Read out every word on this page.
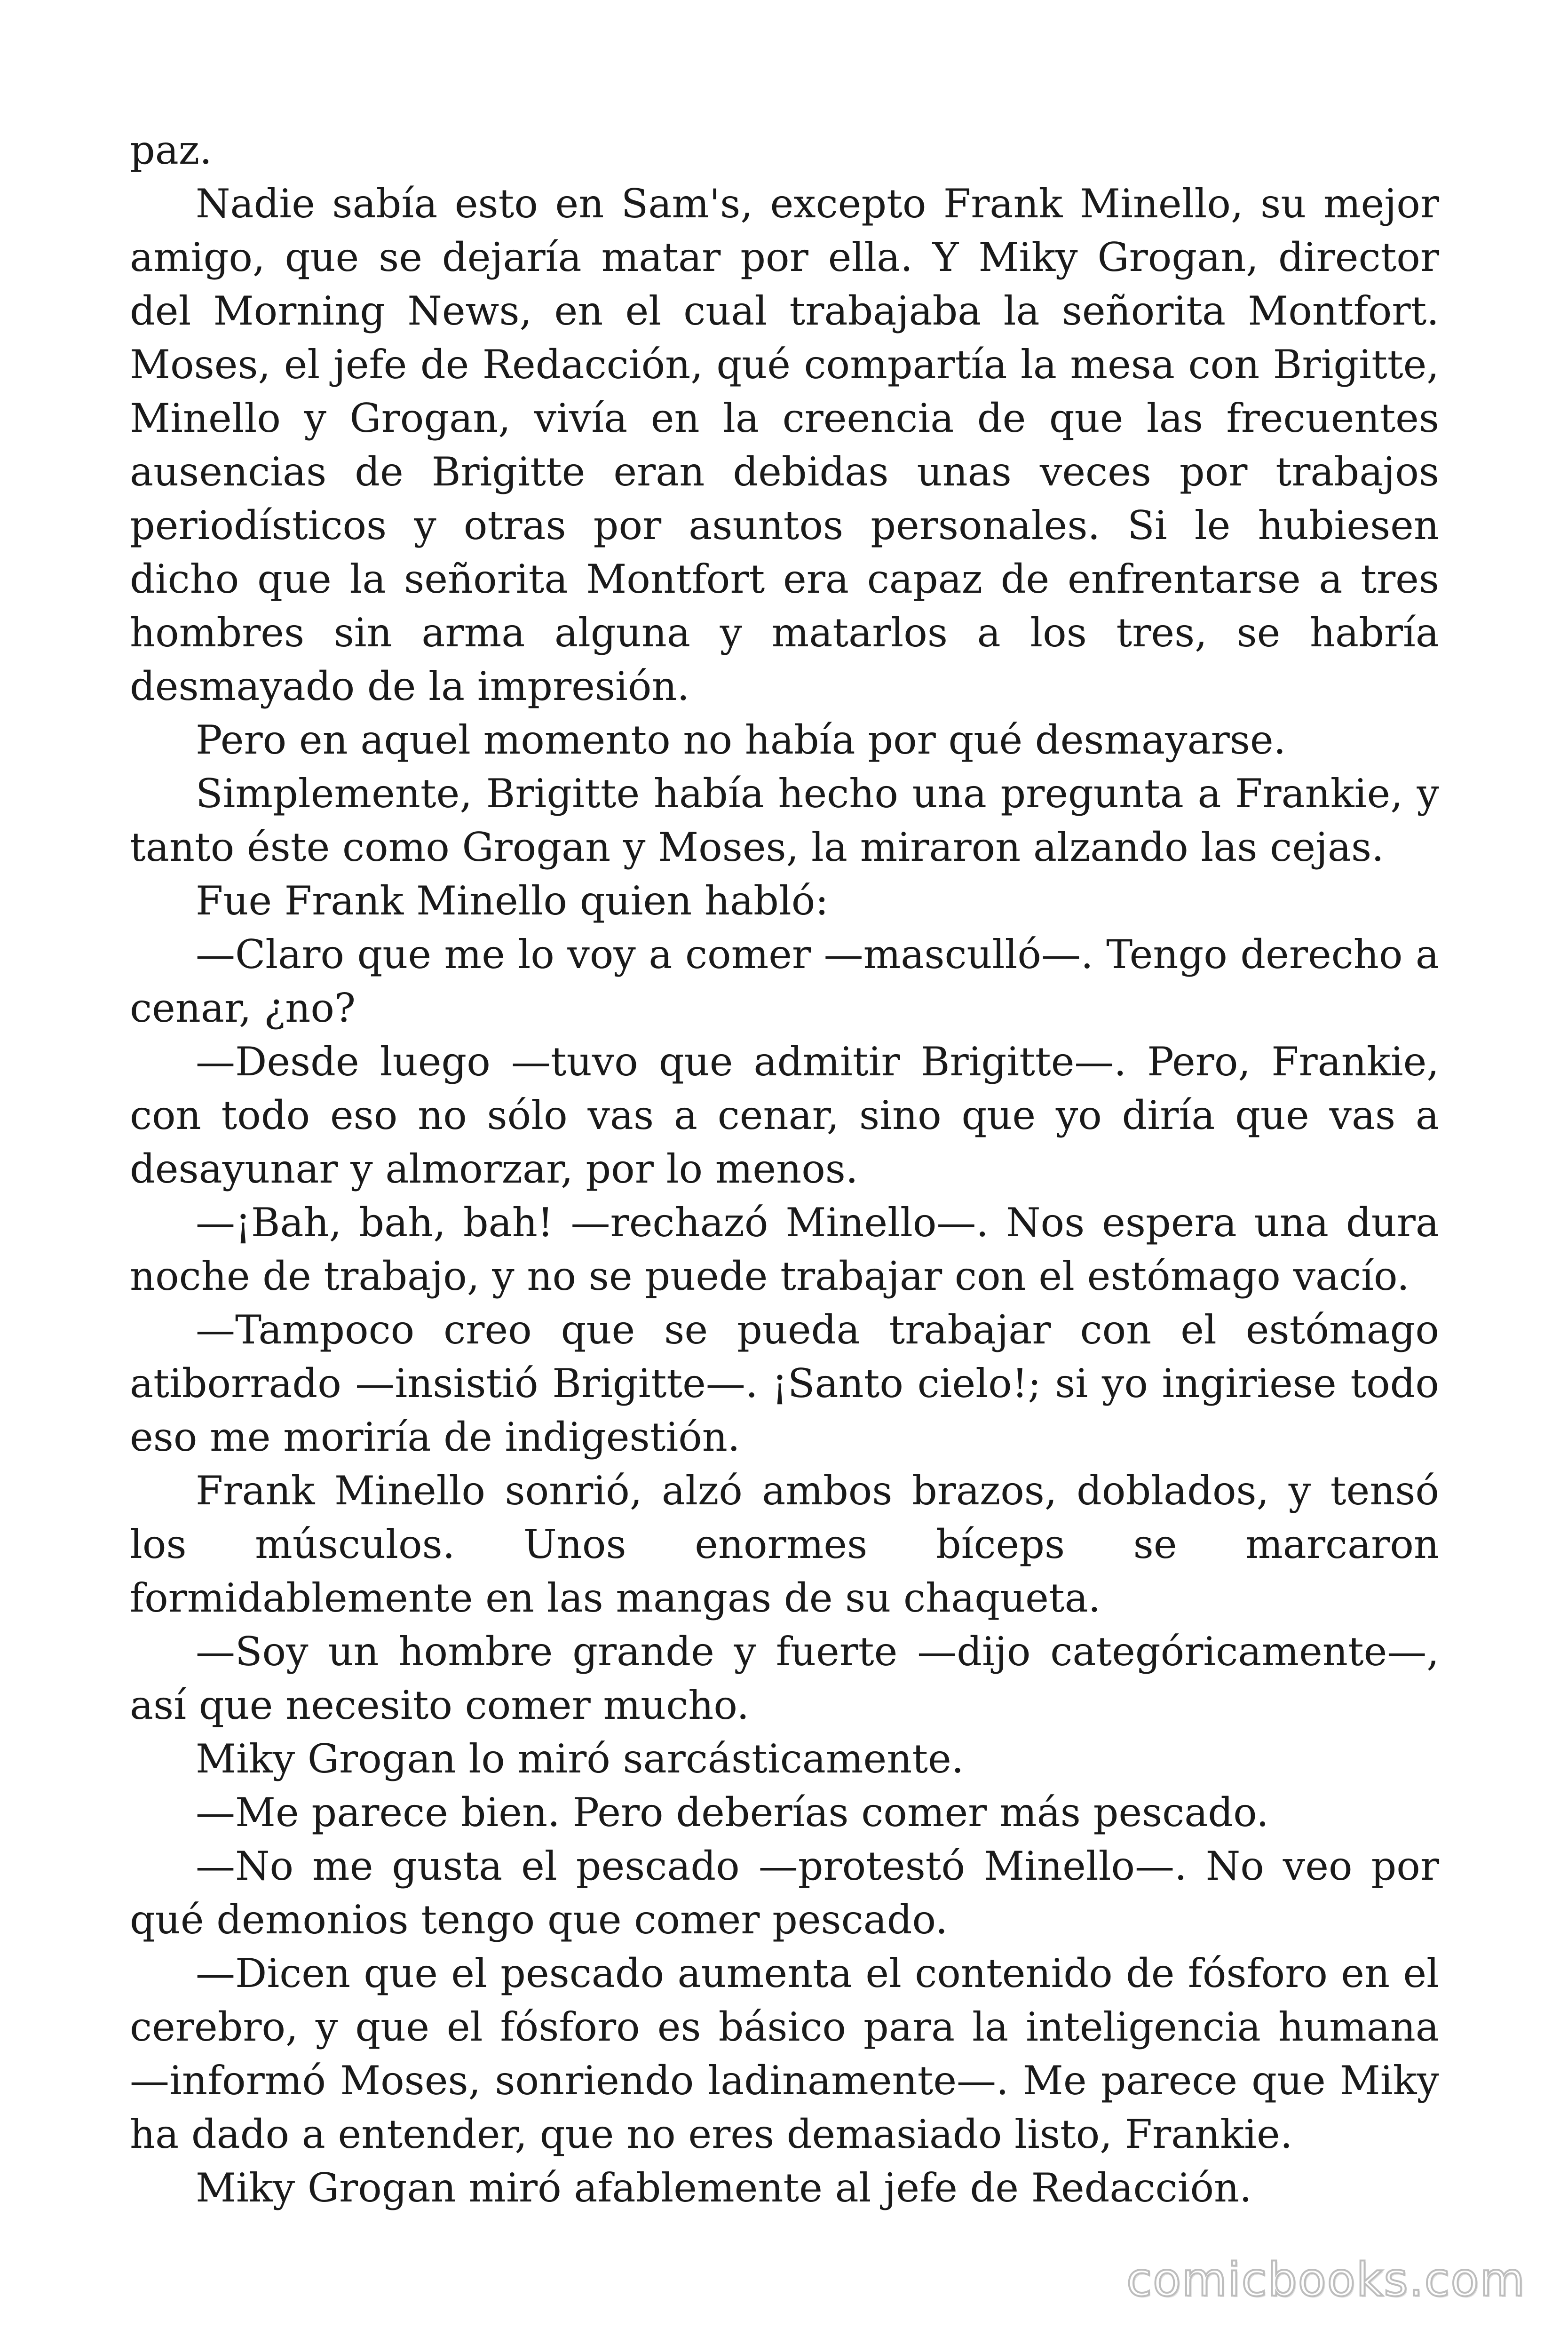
paz.

Nadie sabía esto en Sam's, excepto Frank Minello, su mejor amigo, que se dejaría matar por ella. Y Miky Grogan, director del Morning News, en el cual trabajaba la señorita Montfort. Moses, el jefe de Redacción, qué compartía la mesa con Brigitte, Minello y Grogan, vivía en la creencia de que las frecuentes ausencias de Brigitte eran debidas unas veces por trabajos periodísticos y otras por asuntos personales. Si le hubiesen dicho que la señorita Montfort era capaz de enfrentarse a tres hombres sin arma alguna y matarlos a los tres, se habría desmayado de la impresión.

Pero en aquel momento no había por qué desmayarse.

Simplemente, Brigitte había hecho una pregunta a Frankie, y tanto éste como Grogan y Moses, la miraron alzando las cejas.

Fue Frank Minello quien habló:

—Claro que me lo voy a comer —masculló—. Tengo derecho a cenar, ¿no?

—Desde luego —tuvo que admitir Brigitte—. Pero, Frankie, con todo eso no sólo vas a cenar, sino que yo diría que vas a desayunar y almorzar, por lo menos.

—¡Bah, bah, bah! —rechazó Minello—. Nos espera una dura noche de trabajo, y no se puede trabajar con el estómago vacío.

—Tampoco creo que se pueda trabajar con el estómago atiborrado —insistió Brigitte—. ¡Santo cielo!; si yo ingiriese todo eso me moriría de indigestión.

Frank Minello sonrió, alzó ambos brazos, doblados, y tensó los músculos. Unos enormes bíceps se marcaron formidablemente en las mangas de su chaqueta.

—Soy un hombre grande y fuerte —dijo categóricamente—, así que necesito comer mucho.

Miky Grogan lo miró sarcásticamente.

—Me parece bien. Pero deberías comer más pescado.

—No me gusta el pescado —protestó Minello—. No veo por qué demonios tengo que comer pescado.

—Dicen que el pescado aumenta el contenido de fósforo en el cerebro, y que el fósforo es básico para la inteligencia humana —informó Moses, sonriendo ladinamente—. Me parece que Miky ha dado a entender, que no eres demasiado listo, Frankie.

Miky Grogan miró afablemente al jefe de Redacción.

comicbooks.com
